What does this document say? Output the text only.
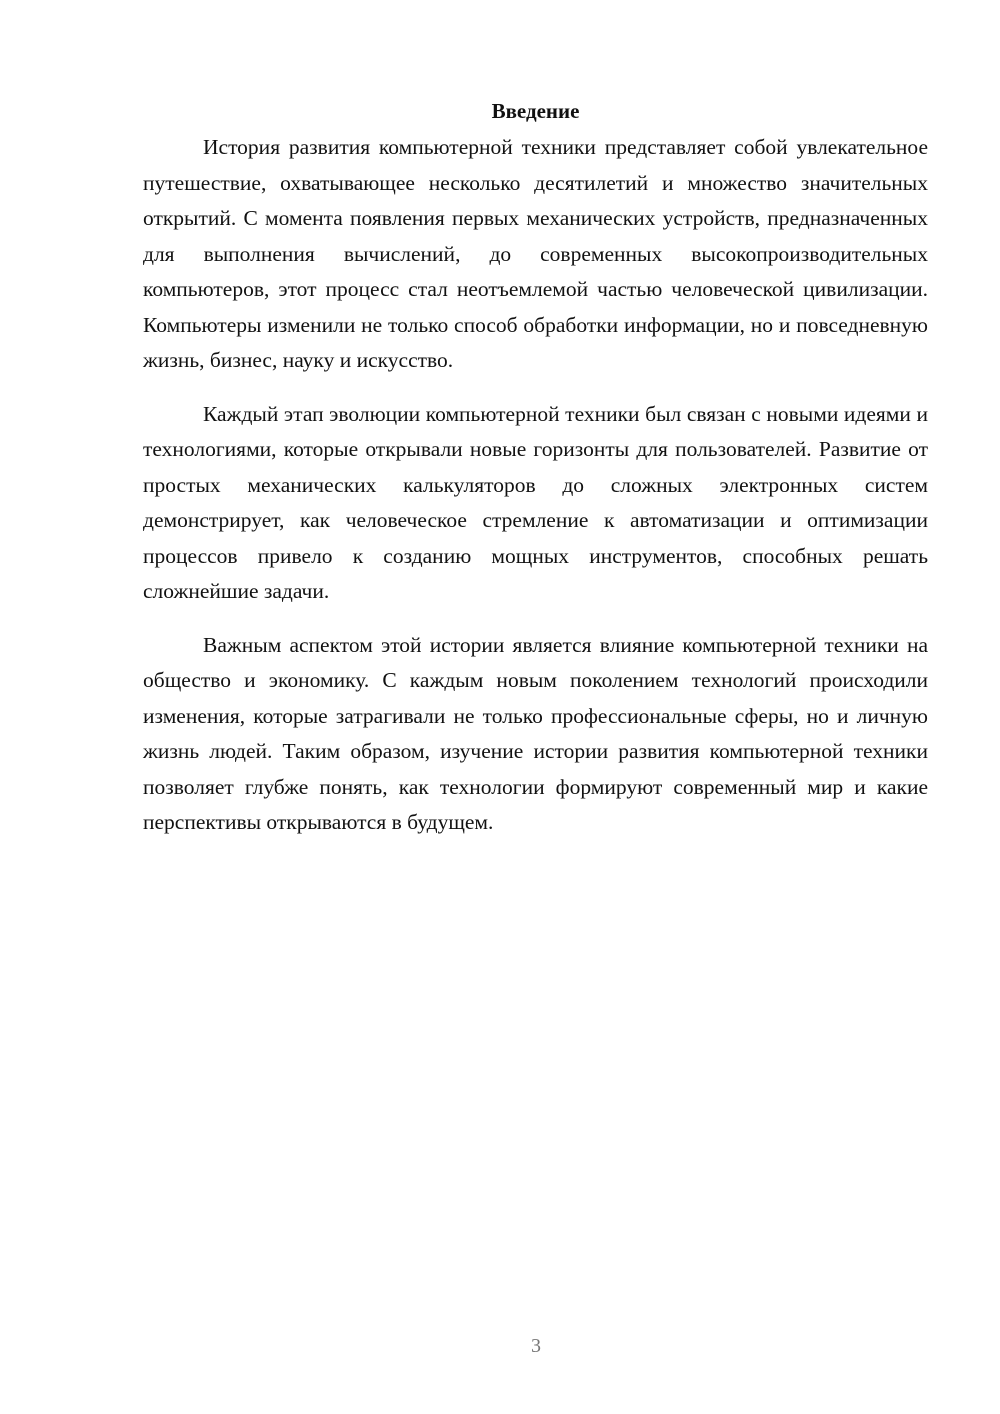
Введение

История развития компьютерной техники представляет собой увлекательное путешествие, охватывающее несколько десятилетий и множество значительных открытий. С момента появления первых механических устройств, предназначенных для выполнения вычислений, до современных высокопроизводительных компьютеров, этот процесс стал неотъемлемой частью человеческой цивилизации. Компьютеры изменили не только способ обработки информации, но и повседневную жизнь, бизнес, науку и искусство.

Каждый этап эволюции компьютерной техники был связан с новыми идеями и технологиями, которые открывали новые горизонты для пользователей. Развитие от простых механических калькуляторов до сложных электронных систем демонстрирует, как человеческое стремление к автоматизации и оптимизации процессов привело к созданию мощных инструментов, способных решать сложнейшие задачи.

Важным аспектом этой истории является влияние компьютерной техники на общество и экономику. С каждым новым поколением технологий происходили изменения, которые затрагивали не только профессиональные сферы, но и личную жизнь людей. Таким образом, изучение истории развития компьютерной техники позволяет глубже понять, как технологии формируют современный мир и какие перспективы открываются в будущем.

3
